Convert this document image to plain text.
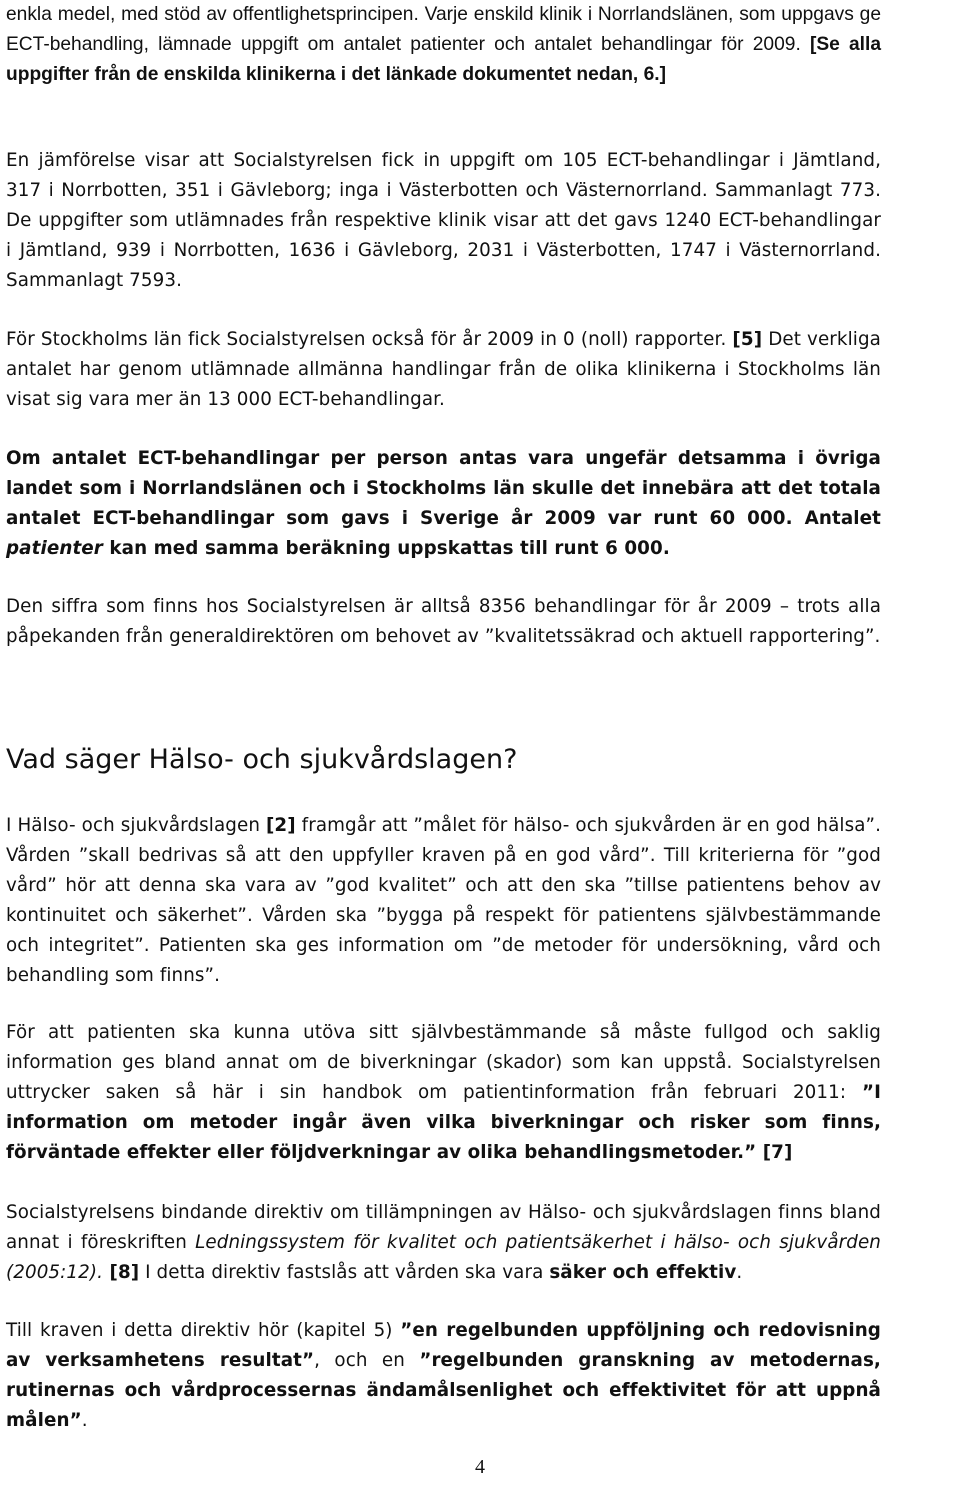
enkla medel, med stöd av offentlighetsprincipen. Varje enskild klinik i Norrlandslänen, som uppgavs ge ECT-behandling, lämnade uppgift om antalet patienter och antalet behandlingar för 2009. [Se alla uppgifter från de enskilda klinikerna i det länkade dokumentet nedan, 6.]

En jämförelse visar att Socialstyrelsen fick in uppgift om 105 ECT-behandlingar i Jämtland, 317 i Norrbotten, 351 i Gävleborg; inga i Västerbotten och Västernorrland. Sammanlagt 773. De uppgifter som utlämnades från respektive klinik visar att det gavs 1240 ECT-behandlingar i Jämtland, 939 i Norrbotten, 1636 i Gävleborg, 2031 i Västerbotten, 1747 i Västernorrland. Sammanlagt 7593.

För Stockholms län fick Socialstyrelsen också för år 2009 in 0 (noll) rapporter. [5] Det verkliga antalet har genom utlämnade allmänna handlingar från de olika klinikerna i Stockholms län visat sig vara mer än 13 000 ECT-behandlingar.

Om antalet ECT-behandlingar per person antas vara ungefär detsamma i övriga landet som i Norrlandslänen och i Stockholms län skulle det innebära att det totala antalet ECT-behandlingar som gavs i Sverige år 2009 var runt 60 000. Antalet patienter kan med samma beräkning uppskattas till runt 6 000.

Den siffra som finns hos Socialstyrelsen är alltså 8356 behandlingar för år 2009 – trots alla påpekanden från generaldirektören om behovet av ”kvalitetssäkrad och aktuell rapportering”.

Vad säger Hälso- och sjukvårdslagen?

I Hälso- och sjukvårdslagen [2] framgår att ”målet för hälso- och sjukvården är en god hälsa”. Vården ”skall bedrivas så att den uppfyller kraven på en god vård”. Till kriterierna för ”god vård” hör att denna ska vara av ”god kvalitet” och att den ska ”tillse patientens behov av kontinuitet och säkerhet”. Vården ska ”bygga på respekt för patientens självbestämmande och integritet”. Patienten ska ges information om ”de metoder för undersökning, vård och behandling som finns”.

För att patienten ska kunna utöva sitt självbestämmande så måste fullgod och saklig information ges bland annat om de biverkningar (skador) som kan uppstå. Socialstyrelsen uttrycker saken så här i sin handbok om patientinformation från februari 2011: ”I information om metoder ingår även vilka biverkningar och risker som finns, förväntade effekter eller följdverkningar av olika behandlingsmetoder.” [7]

Socialstyrelsens bindande direktiv om tillämpningen av Hälso- och sjukvårdslagen finns bland annat i föreskriften Ledningssystem för kvalitet och patientsäkerhet i hälso- och sjukvården (2005:12). [8] I detta direktiv fastslås att vården ska vara säker och effektiv.

Till kraven i detta direktiv hör (kapitel 5) ”en regelbunden uppföljning och redovisning av verksamhetens resultat”, och en ”regelbunden granskning av metodernas, rutinernas och vårdprocessernas ändamålsenlighet och effektivitet för att uppnå målen”.

4
